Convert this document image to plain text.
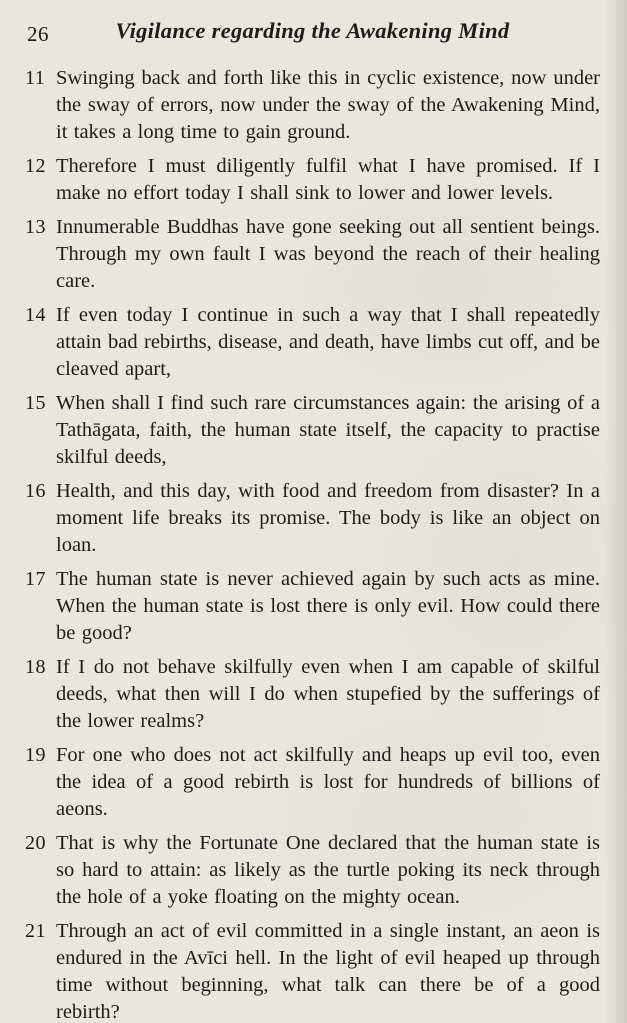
26	Vigilance regarding the Awakening Mind
11 Swinging back and forth like this in cyclic existence, now under the sway of errors, now under the sway of the Awakening Mind, it takes a long time to gain ground.

12 Therefore I must diligently fulfil what I have promised. If I make no effort today I shall sink to lower and lower levels.

13 Innumerable Buddhas have gone seeking out all sentient beings. Through my own fault I was beyond the reach of their healing care.

14 If even today I continue in such a way that I shall repeatedly attain bad rebirths, disease, and death, have limbs cut off, and be cleaved apart,

15 When shall I find such rare circumstances again: the arising of a Tathāgata, faith, the human state itself, the capacity to practise skilful deeds,

16 Health, and this day, with food and freedom from disaster? In a moment life breaks its promise. The body is like an object on loan.

17 The human state is never achieved again by such acts as mine. When the human state is lost there is only evil. How could there be good?

18 If I do not behave skilfully even when I am capable of skilful deeds, what then will I do when stupefied by the sufferings of the lower realms?

19 For one who does not act skilfully and heaps up evil too, even the idea of a good rebirth is lost for hundreds of billions of aeons.

20 That is why the Fortunate One declared that the human state is so hard to attain: as likely as the turtle poking its neck through the hole of a yoke floating on the mighty ocean.

21 Through an act of evil committed in a single instant, an aeon is endured in the Avīci hell. In the light of evil heaped up through time without beginning, what talk can there be of a good rebirth?
